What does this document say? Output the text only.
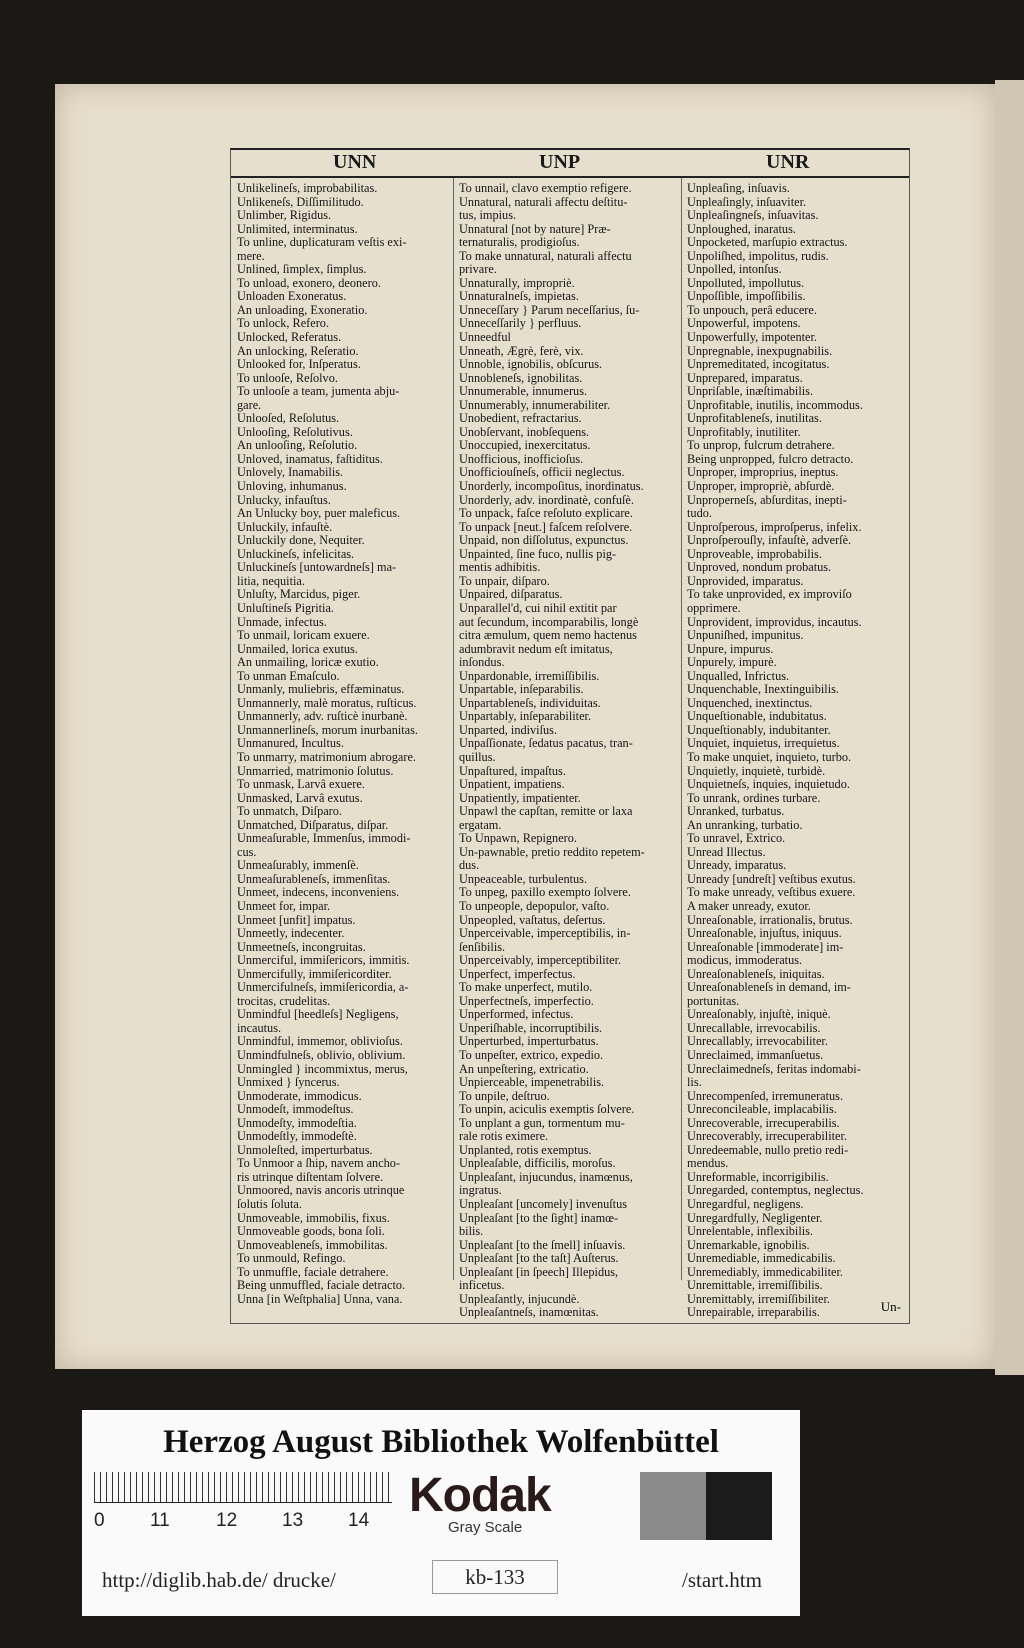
UNN	UNP	UNR
Unlikelineſs, improbabilitas.
Unlikeneſs, Diſſimilitudo.
Unlimber, Rigidus.
Unlimited, interminatus.
To unline, duplicaturam veſtis exi-
mere.
Unlined, ſimplex, ſimplus.
To unload, exonero, deonero.
Unloaden Exoneratus.
An unloading, Exoneratio.
To unlock, Refero.
Unlocked, Referatus.
An unlocking, Reſeratio.
Unlooked for, Inſperatus.
To unlooſe, Reſolvo.
To unlooſe a team, jumenta abju-
gare.
Unlooſed, Reſolutus.
Unlooſing, Reſolutivus.
An unlooſing, Reſolutio.
Unloved, inamatus, faſtiditus.
Unlovely, Inamabilis.
Unloving, inhumanus.
Unlucky, infauſtus.
An Unlucky boy, puer maleficus.
Unluckily, infauſtè.
Unluckily done, Nequiter.
Unluckineſs, infelicitas.
Unluckineſs [untowardneſs] ma-
litia, nequitia.
Unluſty, Marcidus, piger.
Unluſtineſs Pigritia.
Unmade, infectus.
To unmail, loricam exuere.
Unmailed, lorica exutus.
An unmailing, loricæ exutio.
To unman Emaſculo.
Unmanly, muliebris, effæminatus.
Unmannerly, malè moratus, ruſticus.
Unmannerly, adv. ruſticè inurbanè.
Unmannerlineſs, morum inurbanitas.
Unmanured, Incultus.
To unmarry, matrimonium abrogare.
Unmarried, matrimonio ſolutus.
To unmask, Larvâ exuere.
Unmasked, Larvâ exutus.
To unmatch, Diſparo.
Unmatched, Diſparatus, diſpar.
Unmeaſurable, Immenſus, immodi-
cus.
Unmeaſurably, immenſè.
Unmeaſurableneſs, immenſitas.
Unmeet, indecens, inconveniens.
Unmeet for, impar.
Unmeet [unfit] impatus.
Unmeetly, indecenter.
Unmeetneſs, incongruitas.
Unmerciful, immiſericors, immitis.
Unmercifully, immiſericorditer.
Unmercifulneſs, immiſericordia, a-
trocitas, crudelitas.
Unmindful [heedleſs] Negligens,
incautus.
Unmindful, immemor, oblivioſus.
Unmindfulneſs, oblivio, oblivium.
Unmingled } incommixtus, merus,
Unmixed } ſyncerus.
Unmoderate, immodicus.
Unmodeſt, immodeſtus.
Unmodeſty, immodeſtia.
Unmodeſtly, immodeſtè.
Unmoleſted, imperturbatus.
To Unmoor a ſhip, navem ancho-
ris utrinque diſtentam ſolvere.
Unmoored, navis ancoris utrinque
ſolutis ſoluta.
Unmoveable, immobilis, fixus.
Unmoveable goods, bona ſoli.
Unmoveableneſs, immobilitas.
To unmould, Refingo.
To unmuffle, faciale detrahere.
Being unmuffled, faciale detracto.
Unna [in Weſtphalia] Unna, vana.
To unnail, clavo exemptio refigere.
Unnatural, naturali affectu deſtitu-
tus, impius.
Unnatural [not by nature] Præ-
ternaturalis, prodigioſus.
To make unnatural, naturali affectu
privare.
Unnaturally, impropriè.
Unnaturalneſs, impietas.
Unneceſſary } Parum neceſſarius, ſu-
Unneceſſarily } perfluus.
Unneedful
Unneath, Ægrè, ferè, vix.
Unnoble, ignobilis, obſcurus.
Unnobleneſs, ignobilitas.
Unnumerable, innumerus.
Unnumerably, innumerabiliter.
Unobedient, refractarius.
Unobſervant, inobſequens.
Unoccupied, inexercitatus.
Unofficious, inofficioſus.
Unofficiouſneſs, officii neglectus.
Unorderly, incompoſitus, inordinatus.
Unorderly, adv. inordinatè, confuſè.
To unpack, faſce reſoluto explicare.
To unpack [neut.] faſcem reſolvere.
Unpaid, non diſſolutus, expunctus.
Unpainted, ſine fuco, nullis pig-
mentis adhibitis.
To unpair, diſparo.
Unpaired, diſparatus.
Unparallel'd, cui nihil extitit par
aut ſecundum, incomparabilis, longè
citra æmulum, quem nemo hactenus
adumbravit nedum eſt imitatus,
inſondus.
Unpardonable, irremiſſibilis.
Unpartable, inſeparabilis.
Unpartableneſs, individuitas.
Unpartably, inſeparabiliter.
Unparted, indiviſus.
Unpaſſionate, ſedatus pacatus, tran-
quillus.
Unpaſtured, impaſtus.
Unpatient, impatiens.
Unpatiently, impatienter.
Unpawl the capſtan, remitte or laxa
ergatam.
To Unpawn, Repignero.
Un-pawnable, pretio reddito repetem-
dus.
Unpeaceable, turbulentus.
To unpeg, paxillo exempto ſolvere.
To unpeople, depopulor, vaſto.
Unpeopled, vaſtatus, deſertus.
Unperceivable, imperceptibilis, in-
ſenſibilis.
Unperceivably, imperceptibiliter.
Unperfect, imperfectus.
To make unperfect, mutilo.
Unperfectneſs, imperfectio.
Unperformed, infectus.
Unperiſhable, incorruptibilis.
Unperturbed, imperturbatus.
To unpeſter, extrico, expedio.
An unpeſtering, extricatio.
Unpierceable, impenetrabilis.
To unpile, deſtruo.
To unpin, aciculis exemptis ſolvere.
To unplant a gun, tormentum mu-
rale rotis eximere.
Unplanted, rotis exemptus.
Unpleaſable, difficilis, moroſus.
Unpleaſant, injucundus, inamœnus,
ingratus.
Unpleaſant [uncomely] invenuſtus
Unpleaſant [to the ſight] inamœ-
bilis.
Unpleaſant [to the ſmell] inſuavis.
Unpleaſant [to the taſt] Auſterus.
Unpleaſant [in ſpeech] Illepidus,
inficetus.
Unpleaſantly, injucundè.
Unpleaſantneſs, inamœnitas.
Unpleaſing, inſuavis.
Unpleaſingly, inſuaviter.
Unpleaſingneſs, inſuavitas.
Unploughed, inaratus.
Unpocketed, marſupio extractus.
Unpoliſhed, impolitus, rudis.
Unpolled, intonſus.
Unpolluted, impollutus.
Unpoſſible, impoſſibilis.
To unpouch, perâ educere.
Unpowerful, impotens.
Unpowerfully, impotenter.
Unpregnable, inexpugnabilis.
Unpremeditated, incogitatus.
Unprepared, imparatus.
Unpriſable, inæſtimabilis.
Unprofitable, inutilis, incommodus.
Unprofitableneſs, inutilitas.
Unprofitably, inutiliter.
To unprop, fulcrum detrahere.
Being unpropped, fulcro detracto.
Unproper, improprius, ineptus.
Unproper, impropriè, abſurdè.
Unproperneſs, abſurditas, inepti-
tudo.
Unproſperous, improſperus, infelix.
Unproſperouſly, infauſtè, adverſè.
Unproveable, improbabilis.
Unproved, nondum probatus.
Unprovided, imparatus.
To take unprovided, ex improviſo
opprimere.
Unprovident, improvidus, incautus.
Unpuniſhed, impunitus.
Unpure, impurus.
Unpurely, impurè.
Unqualled, Infrictus.
Unquenchable, Inextinguibilis.
Unquenched, inextinctus.
Unqueſtionable, indubitatus.
Unqueſtionably, indubitanter.
Unquiet, inquietus, irrequietus.
To make unquiet, inquieto, turbo.
Unquietly, inquietè, turbidè.
Unquietneſs, inquies, inquietudo.
To unrank, ordines turbare.
Unranked, turbatus.
An unranking, turbatio.
To unravel, Extrico.
Unread Illectus.
Unready, imparatus.
Unready [undreſt] veſtibus exutus.
To make unready, veſtibus exuere.
A maker unready, exutor.
Unreaſonable, irrationalis, brutus.
Unreaſonable, injuſtus, iniquus.
Unreaſonable [immoderate] im-
modicus, immoderatus.
Unreaſonableneſs, iniquitas.
Unreaſonableneſs in demand, im-
portunitas.
Unreaſonably, injuſtè, iniquè.
Unrecallable, irrevocabilis.
Unrecallably, irrevocabiliter.
Unreclaimed, immanſuetus.
Unreclaimedneſs, feritas indomabi-
lis.
Unrecompenſed, irremuneratus.
Unreconcileable, implacabilis.
Unrecoverable, irrecuperabilis.
Unrecoverably, irrecuperabiliter.
Unredeemable, nullo pretio redi-
mendus.
Unreformable, incorrigibilis.
Unregarded, contemptus, neglectus.
Unregardful, negligens.
Unregardfully, Negligenter.
Unrelentable, inflexibilis.
Unremarkable, ignobilis.
Unremediable, immedicabilis.
Unremediably, immedicabiliter.
Unremittable, irremiſſibilis.
Unremittably, irremiſſibiliter.
Unrepairable, irreparabilis.	Un-
Herzog August Bibliothek Wolfenbüttel
0 11 12 13 14 Kodak
Gray Scale
http://diglib.hab.de/ drucke/	kb-133	/start.htm
